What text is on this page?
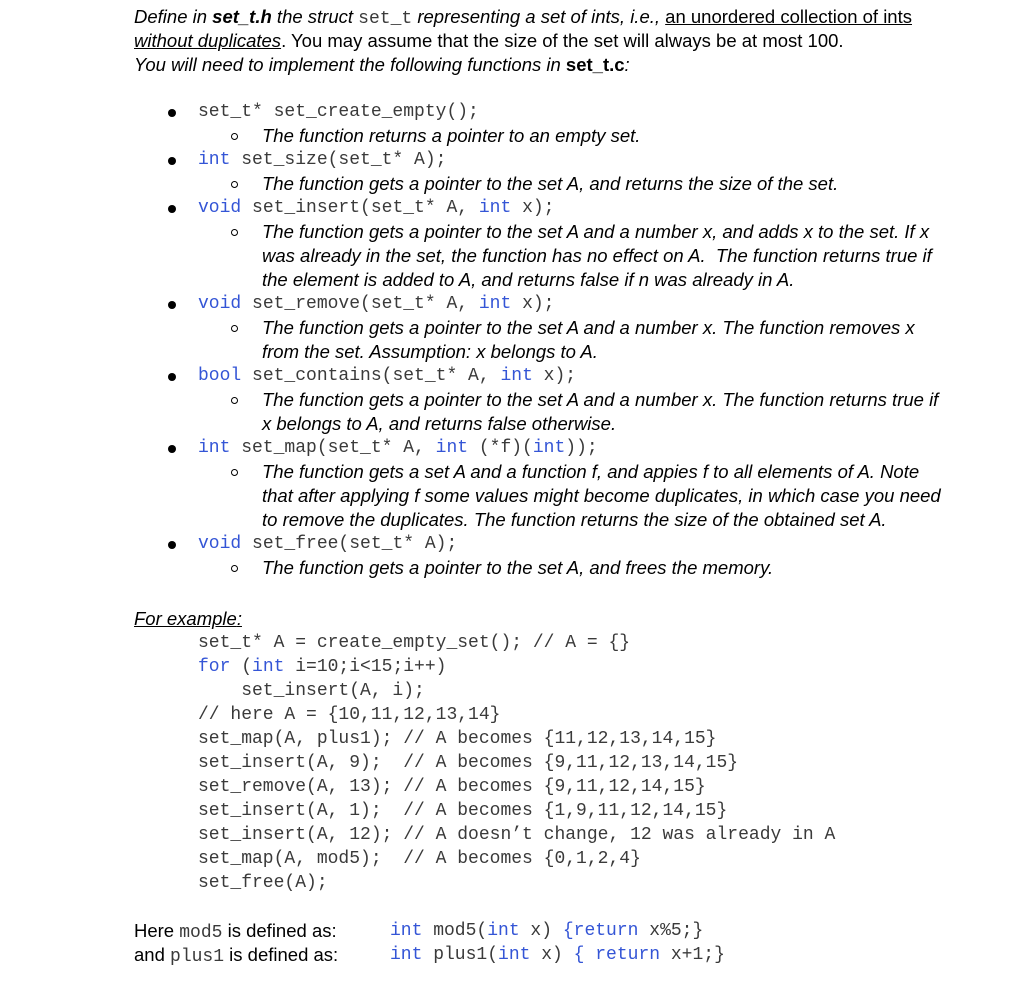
Define in set_t.h the struct set_t representing a set of ints, i.e., an unordered collection of ints
without duplicates. You may assume that the size of the set will always be at most 100.
You will need to implement the following functions in set_t.c:
set_t* set_create_empty();
The function returns a pointer to an empty set.
int set_size(set_t* A);
The function gets a pointer to the set A, and returns the size of the set.
void set_insert(set_t* A, int x);
The function gets a pointer to the set A and a number x, and adds x to the set. If x
was already in the set, the function has no effect on A.  The function returns true if
the element is added to A, and returns false if n was already in A.
void set_remove(set_t* A, int x);
The function gets a pointer to the set A and a number x. The function removes x
from the set. Assumption: x belongs to A.
bool set_contains(set_t* A, int x);
The function gets a pointer to the set A and a number x. The function returns true if
x belongs to A, and returns false otherwise.
int set_map(set_t* A, int (*f)(int));
The function gets a set A and a function f, and appies f to all elements of A. Note
that after applying f some values might become duplicates, in which case you need
to remove the duplicates. The function returns the size of the obtained set A.
void set_free(set_t* A);
The function gets a pointer to the set A, and frees the memory.
For example:
set_t* A = create_empty_set(); // A = {}
for (int i=10;i<15;i++)
set_insert(A, i);
// here A = {10,11,12,13,14}
set_map(A, plus1); // A becomes {11,12,13,14,15}
set_insert(A, 9);  // A becomes {9,11,12,13,14,15}
set_remove(A, 13); // A becomes {9,11,12,14,15}
set_insert(A, 1);  // A becomes {1,9,11,12,14,15}
set_insert(A, 12); // A doesn’t change, 12 was already in A
set_map(A, mod5);  // A becomes {0,1,2,4}
set_free(A);
Here mod5 is defined as:	int mod5(int x) {return x%5;}
and plus1 is defined as:	int plus1(int x) { return x+1;}
